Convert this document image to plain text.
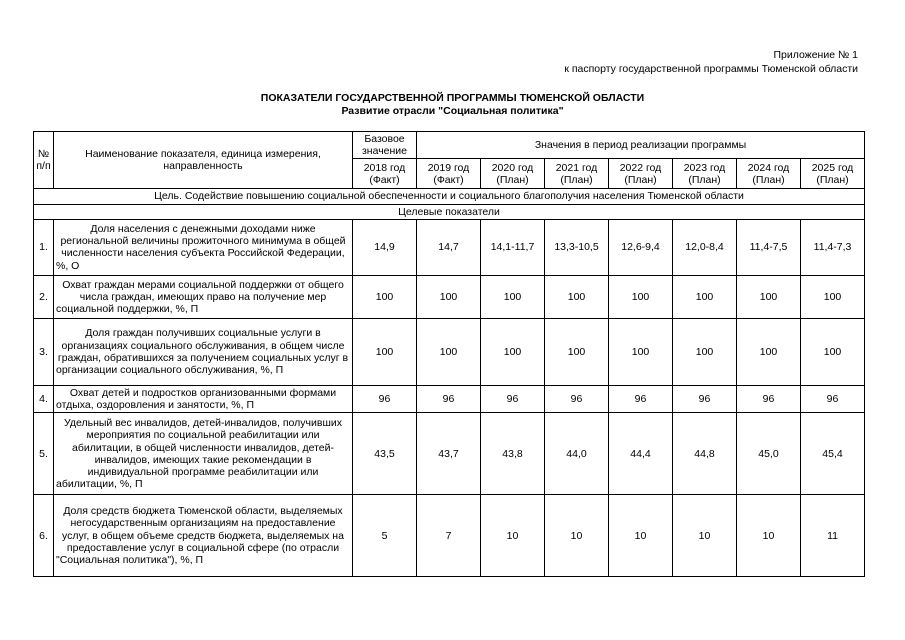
Приложение № 1
к паспорту государственной программы Тюменской области
ПОКАЗАТЕЛИ ГОСУДАРСТВЕННОЙ ПРОГРАММЫ ТЮМЕНСКОЙ ОБЛАСТИ
Развитие отрасли "Социальная политика"
№ п/п	Наименование показателя, единица измерения, направленность	Базовое значение	Значения в период реализации программы						
		2018 год (Факт)	2019 год (Факт)	2020 год (План)	2021 год (План)	2022 год (План)	2023 год (План)	2024 год (План)	2025 год (План)
Цель. Содействие повышению социальной обеспеченности и социального благополучия населения Тюменской области									
Целевые показатели									
1.	Доля населения с денежными доходами ниже региональной величины прожиточного минимума в общей численности населения субъекта Российской Федерации, %, О	14,9	14,7	14,1-11,7	13,3-10,5	12,6-9,4	12,0-8,4	11,4-7,5	11,4-7,3
2.	Охват граждан мерами социальной поддержки от общего числа граждан, имеющих право на получение мер социальной поддержки, %, П	100	100	100	100	100	100	100	100
3.	Доля граждан получивших социальные услуги в организациях социального обслуживания, в общем числе граждан, обратившихся за получением социальных услуг в организации социального обслуживания, %, П	100	100	100	100	100	100	100	100
4.	Охват детей и подростков организованными формами отдыха, оздоровления и занятости, %, П	96	96	96	96	96	96	96	96
5.	Удельный вес инвалидов, детей-инвалидов, получивших мероприятия по социальной реабилитации или абилитации, в общей численности инвалидов, детей-инвалидов, имеющих такие рекомендации в индивидуальной программе реабилитации или абилитации, %, П	43,5	43,7	43,8	44,0	44,4	44,8	45,0	45,4
6.	Доля средств бюджета Тюменской области, выделяемых негосударственным организациям на предоставление услуг, в общем объеме средств бюджета, выделяемых на предоставление услуг в социальной сфере (по отрасли "Социальная политика"), %, П	5	7	10	10	10	10	10	11
